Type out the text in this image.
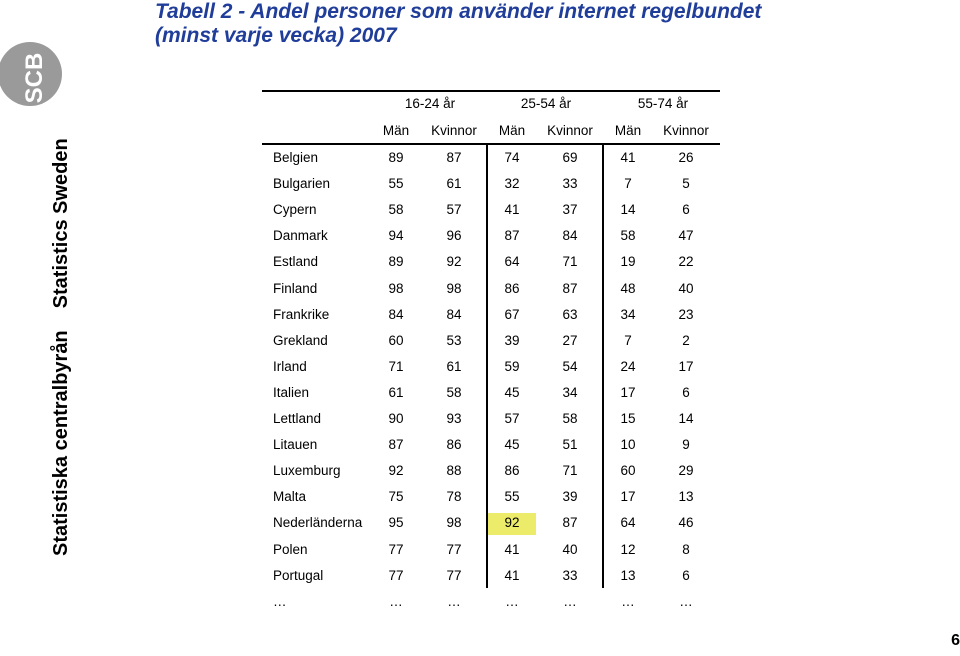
Tabell 2 - Andel personer som använder internet regelbundet
(minst varje vecka) 2007
SCB
Statistiska centralbyrånStatistics Sweden
6
16-24 år	25-54 år	55-74 år
Män	Kvinnor	Män	Kvinnor	Män	Kvinnor
Belgien	89	87	74	69	41	26
Bulgarien	55	61	32	33	7	5
Cypern	58	57	41	37	14	6
Danmark	94	96	87	84	58	47
Estland	89	92	64	71	19	22
Finland	98	98	86	87	48	40
Frankrike	84	84	67	63	34	23
Grekland	60	53	39	27	7	2
Irland	71	61	59	54	24	17
Italien	61	58	45	34	17	6
Lettland	90	93	57	58	15	14
Litauen	87	86	45	51	10	9
Luxemburg	92	88	86	71	60	29
Malta	75	78	55	39	17	13
Nederländerna	95	98	92	87	64	46
Polen	77	77	41	40	12	8
Portugal	77	77	41	33	13	6
…	…	…	…	…	…	…
